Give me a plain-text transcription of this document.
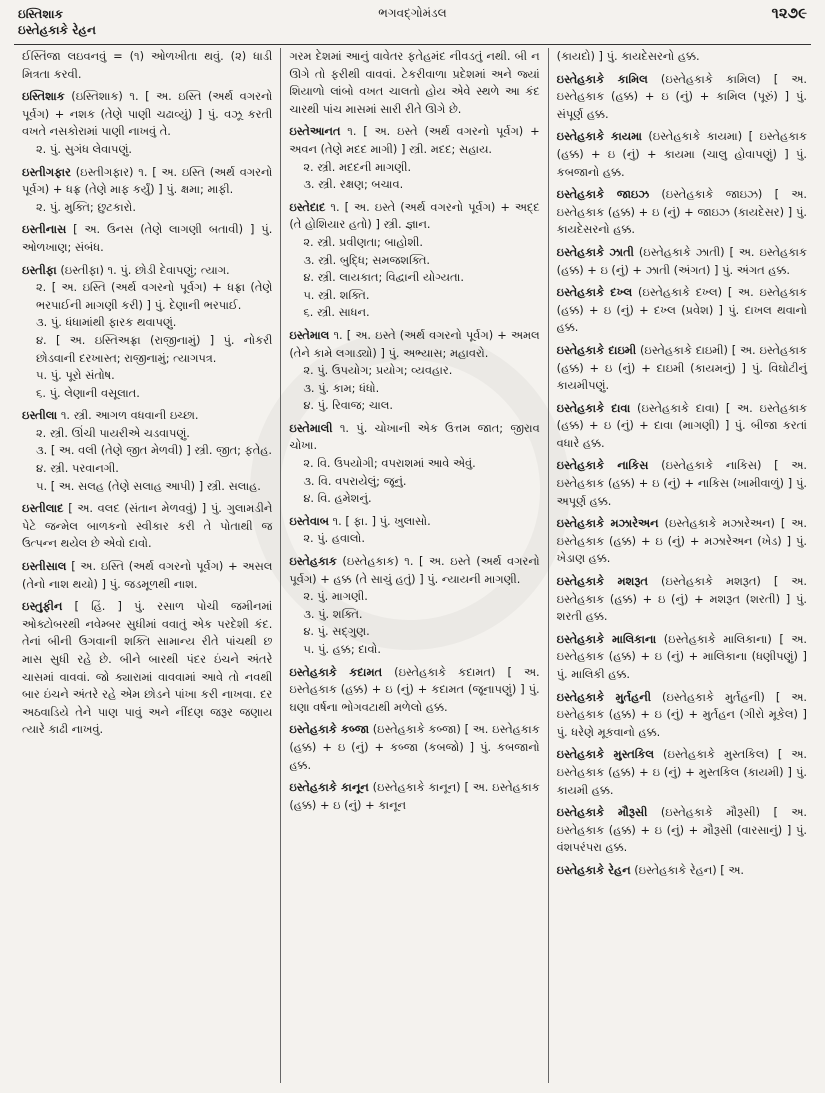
ઇસ્તિશાક
ઇસ્તેહકાકે રેહન
ભગવદ્ગોમંડલ	૧૨૭૯
ઈસ્તિંજા લઇવનવું = (૧) ઓળખીતા થવું. (૨) ધાડી મિત્રતા કરવી.
ઇસ્તિશાક (ઇસ્તિશાક) ૧. [ અ. ઇસ્તિ (અર્થ વગરનો પૂર્વગ) + નશક (તેણે પાણી ચઢાવ્યું) ] પું. વઝૂ કરતી વખતે નસકોરામાં પાણી નાખવું તે.
૨. પું. સુગંધ લેવાપણું.
ઇસ્તીગફાર (ઇસ્તીગફાર) ૧. [ અ. ઇસ્તિ (અર્થ વગરનો પૂર્વગ) + ધફ્ર (તેણે માફ કર્યું) ] પું. ક્ષમા; માફી.
૨. પું. મુક્તિ; છુટકારો.
ઇસ્તીનાસ [ અ. ઉનસ (તેણે લાગણી બતાવી) ] પું. ઓળખાણ; સંબંધ.
ઇસ્તીફા (ઇસ્તીફા) ૧. પું. છોડી દેવાપણું; ત્યાગ.
૨. [ અ. ઇસ્તિ (અર્થ વગરનો પૂર્વગ) + ધફ્રા (તેણે ભરપાઈની માગણી કરી) ] પું. દેણાની ભરપાઈ.
૩. પું. ધંધામાંથી ફારક થવાપણું.
૪. [ અ. ઇસ્તિઅફ્રા (રાજીનામું) ] પું. નોકરી છોડવાની દરખાસ્ત; રાજીનામું; ત્યાગપત્ર.
૫. પું. પૂરો સંતોષ.
૬. પું. લેણાની વસૂલાત.
ઇસ્તીલા ૧. સ્ત્રી. આગળ વધવાની ઇચ્છા.
૨. સ્ત્રી. ઊંચી પાયરીએ ચડવાપણું.
૩. [ અ. વલી (તેણે જીત મેળવી) ] સ્ત્રી. જીત; ફતેહ.
૪. સ્ત્રી. પરવાનગી.
૫. [ અ. સલહ (તેણે સલાહ આપી) ] સ્ત્રી. સલાહ.
ઇસ્તીલાદ [ અ. વલદ (સંતાન મેળવવું) ] પું. ગુલામડીને પેટે જન્મેલ બાળકનો સ્વીકાર કરી તે પોતાથી જ ઉત્પન્ન થયેલ છે એવો દાવો.
ઇસ્તીસાલ [ અ. ઇસ્તિ (અર્થ વગરનો પૂર્વગ) + અસલ (તેનો નાશ થયો) ] પું. જડમૂળથી નાશ.
ઇસ્તુફીન [ હિં. ] પું. રસાળ પોચી જમીનમાં ઓક્ટોબરથી નવેમ્બર સુધીમાં વવાતું એક પરદેશી કંદ. તેનાં બીની ઉગવાની શક્તિ સામાન્ય રીતે પાંચથી છ માસ સુધી રહે છે. બીને બારથી પંદર ઇંચને અંતરે ચાસમાં વાવવાં. જો ક્યારામાં વાવવામાં આવે તો નવથી બાર ઇંચને અંતરે રહે એમ છોડને પાંખા કરી નાખવા. દર અઠવાડિયે તેને પાણ પાવું અને નીંદણ જરૂર જણાય ત્યારે કાઢી નાખવું.
ગરમ દેશમાં આનું વાવેતર ફતેહમંદ નીવડતું નથી. બી ન ઊગે તો ફરીથી વાવવાં. ટેકરીવાળા પ્રદેશમાં અને જ્યાં શિયાળો લાંબો વખત ચાલતો હોય એવે સ્થળે આ કંદ ચારથી પાંચ માસમાં સારી રીતે ઊગે છે.
ઇસ્તેઆનત ૧. [ અ. ઇસ્તે (અર્થ વગરનો પૂર્વગ) + અવન (તેણે મદદ માગી) ] સ્ત્રી. મદદ; સહાય.
૨. સ્ત્રી. મદદની માગણી.
૩. સ્ત્રી. રક્ષણ; બચાવ.
ઇસ્તેદાદ ૧. [ અ. ઇસ્તે (અર્થ વગરનો પૂર્વગ) + અદ્દ (તે હોશિયાર હતો) ] સ્ત્રી. જ્ઞાન.
૨. સ્ત્રી. પ્રવીણતા; બાહોશી.
૩. સ્ત્રી. બુદ્ધિ; સમજશક્તિ.
૪. સ્ત્રી. લાયકાત; વિદ્વાની યોગ્યતા.
૫. સ્ત્રી. શક્તિ.
૬. સ્ત્રી. સાધન.
ઇસ્તેમાલ ૧. [ અ. ઇસ્તે (અર્થ વગરનો પૂર્વગ) + અમલ (તેને કામે લગાડ્યો) ] પું. અભ્યાસ; મહાવરો.
૨. પું. ઉપયોગ; પ્રયોગ; વ્યવહાર.
૩. પું. કામ; ધંધો.
૪. પું. રિવાજ; ચાલ.
ઇસ્તેમાલી ૧. પું. ચોખાની એક ઉત્તમ જાત; જીરાવ ચોખા.
૨. વિ. ઉપયોગી; વપરાશમાં આવે એવું.
૩. વિ. વપરાયેલું; જૂનું.
૪. વિ. હમેશનું.
ઇસ્તેવાબ ૧. [ ફા. ] પું. ખુલાસો.
૨. પું. હવાલો.
ઇસ્તેહકાક (ઇસ્તેહકાક) ૧. [ અ. ઇસ્તે (અર્થ વગરનો પૂર્વગ) + હક્ક (તે સાચું હતું) ] પું. ન્યાયની માગણી.
૨. પું. માગણી.
૩. પું. શક્તિ.
૪. પું. સદ્ગુણ.
૫. પું. હક્ક; દાવો.
ઇસ્તેહકાકે કદામત (ઇસ્તેહકાકે કદામત) [ અ. ઇસ્તેહકાક (હક્ક) + ઇ (નું) + કદામત (જૂનાપણું) ] પું. ઘણા વર્ષના ભોગવટાથી મળેલો હક્ક.
ઇસ્તેહકાકે કબ્જા (ઇસ્તેહકાકે કબ્જા) [ અ. ઇસ્તેહકાક (હક્ક) + ઇ (નું) + કબ્જા (કબજો) ] પું. કબજાનો હક્ક.
ઇસ્તેહકાકે કાનૂન (ઇસ્તેહકાકે કાનૂન) [ અ. ઇસ્તેહકાક (હક્ક) + ઇ (નું) + કાનૂન
(કાયદો) ] પું. કાયદેસરનો હક્ક.
ઇસ્તેહકાકે કામિલ (ઇસ્તેહકાકે કામિલ) [ અ. ઇસ્તેહકાક (હક્ક) + ઇ (નું) + કામિલ (પૂરું) ] પું. સંપૂર્ણ હક્ક.
ઇસ્તેહકાકે કાયમા (ઇસ્તેહકાકે કાયમા) [ ઇસ્તેહકાક (હક્ક) + ઇ (નું) + કાયમા (ચાલુ હોવાપણું) ] પું. કબજાનો હક્ક.
ઇસ્તેહકાકે જાઇઝ (ઇસ્તેહકાકે જાઇઝ) [ અ. ઇસ્તેહકાક (હક્ક) + ઇ (નું) + જાઇઝ (કાયદેસર) ] પું. કાયદેસરનો હક્ક.
ઇસ્તેહકાકે ઝાતી (ઇસ્તેહકાકે ઝાતી) [ અ. ઇસ્તેહકાક (હક્ક) + ઇ (નું) + ઝાતી (અંગત) ] પું. અંગત હક્ક.
ઇસ્તેહકાકે દખ્લ (ઇસ્તેહકાકે દખ્લ) [ અ. ઇસ્તેહકાક (હક્ક) + ઇ (નું) + દખ્લ (પ્રવેશ) ] પું. દાખલ થવાનો હક્ક.
ઇસ્તેહકાકે દાઇમી (ઇસ્તેહકાકે દાઇમી) [ અ. ઇસ્તેહકાક (હક્ક) + ઇ (નું) + દાઇમી (કાયમનું) ] પું. વિઘોટીનું કાયમીપણું.
ઇસ્તેહકાકે દાવા (ઇસ્તેહકાકે દાવા) [ અ. ઇસ્તેહકાક (હક્ક) + ઇ (નું) + દાવા (માગણી) ] પું. બીજા કરતાં વધારે હક્ક.
ઇસ્તેહકાકે નાકિસ (ઇસ્તેહકાકે નાકિસ) [ અ. ઇસ્તેહકાક (હક્ક) + ઇ (નું) + નાકિસ (ખામીવાળું) ] પું. અપૂર્ણ હક્ક.
ઇસ્તેહકાકે મઝારેઅન (ઇસ્તેહકાકે મઝારેઅન) [ અ. ઇસ્તેહકાક (હક્ક) + ઇ (નું) + મઝારેઅન (ખેડ) ] પું. ખેડાણ હક્ક.
ઇસ્તેહકાકે મશરૂત (ઇસ્તેહકાકે મશરૂત) [ અ. ઇસ્તેહકાક (હક્ક) + ઇ (નું) + મશરૂત (શરતી) ] પું. શરતી હક્ક.
ઇસ્તેહકાકે માલિકાના (ઇસ્તેહકાકે માલિકાના) [ અ. ઇસ્તેહકાક (હક્ક) + ઇ (નું) + માલિકાના (ધણીપણું) ] પું. માલિકી હક્ક.
ઇસ્તેહકાકે મુર્તહની (ઇસ્તેહકાકે મુર્તહની) [ અ. ઇસ્તેહકાક (હક્ક) + ઇ (નું) + મુર્તહન (ગીરો મૂકેલ) ] પું. ધરેણે મૂકવાનો હક્ક.
ઇસ્તેહકાકે મુસ્તકિલ (ઇસ્તેહકાકે મુસ્તકિલ) [ અ. ઇસ્તેહકાક (હક્ક) + ઇ (નું) + મુસ્તકિલ (કાયમી) ] પું. કાયમી હક્ક.
ઇસ્તેહકાકે મૌરૂસી (ઇસ્તેહકાકે મૌરૂસી) [ અ. ઇસ્તેહકાક (હક્ક) + ઇ (નું) + મૌરૂસી (વારસાનું) ] પું. વંશપરંપરા હક્ક.
ઇસ્તેહકાકે રેહન (ઇસ્તેહકાકે રેહન) [ અ.
